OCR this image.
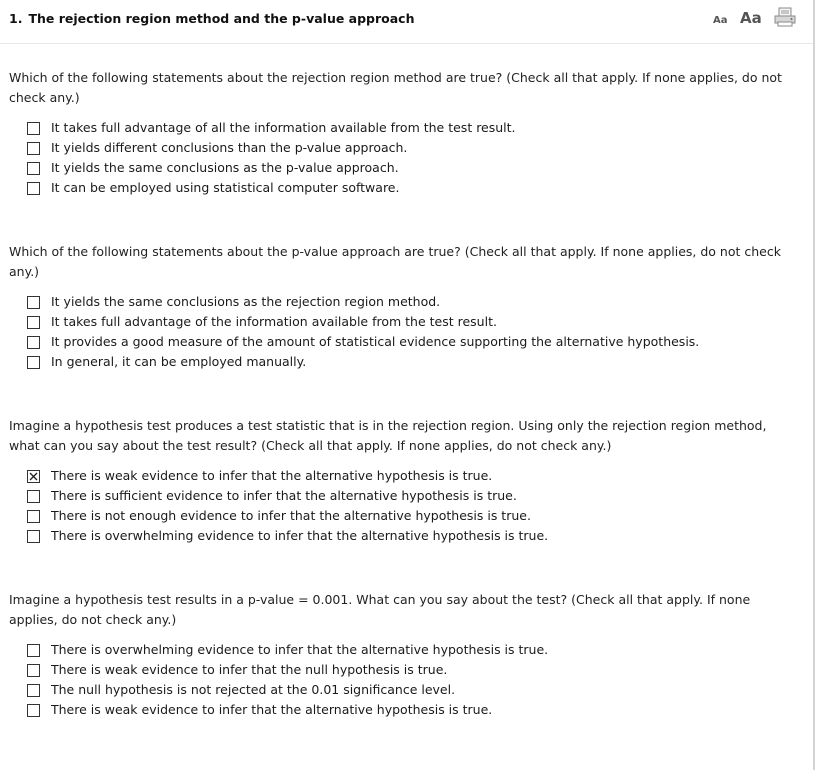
1. The rejection region method and the p-value approach	Aa Aa

Which of the following statements about the rejection region method are true? (Check all that apply. If none applies, do not check any.)

It takes full advantage of all the information available from the test result.
It yields different conclusions than the p-value approach.
It yields the same conclusions as the p-value approach.
It can be employed using statistical computer software.

Which of the following statements about the p-value approach are true? (Check all that apply. If none applies, do not check any.)

It yields the same conclusions as the rejection region method.
It takes full advantage of the information available from the test result.
It provides a good measure of the amount of statistical evidence supporting the alternative hypothesis.
In general, it can be employed manually.

Imagine a hypothesis test produces a test statistic that is in the rejection region. Using only the rejection region method, what can you say about the test result? (Check all that apply. If none applies, do not check any.)

There is weak evidence to infer that the alternative hypothesis is true.
There is sufficient evidence to infer that the alternative hypothesis is true.
There is not enough evidence to infer that the alternative hypothesis is true.
There is overwhelming evidence to infer that the alternative hypothesis is true.

Imagine a hypothesis test results in a p-value = 0.001. What can you say about the test? (Check all that apply. If none applies, do not check any.)

There is overwhelming evidence to infer that the alternative hypothesis is true.
There is weak evidence to infer that the null hypothesis is true.
The null hypothesis is not rejected at the 0.01 significance level.
There is weak evidence to infer that the alternative hypothesis is true.
